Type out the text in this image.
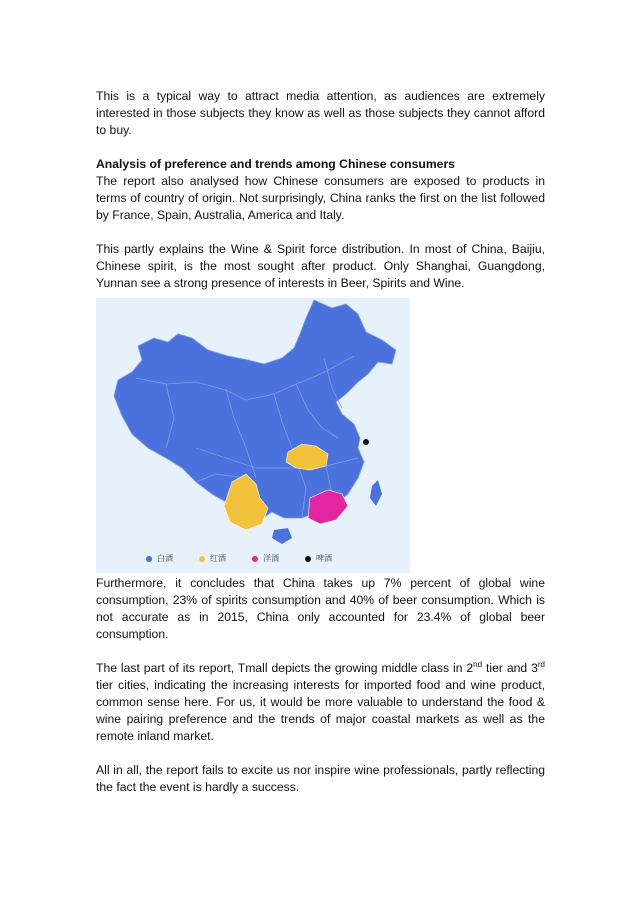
This is a typical way to attract media attention, as audiences are extremely interested in those subjects they know as well as those subjects they cannot afford to buy.

Analysis of preference and trends among Chinese consumers

The report also analysed how Chinese consumers are exposed to products in terms of country of origin. Not surprisingly, China ranks the first on the list followed by France, Spain, Australia, America and Italy.

This partly explains the Wine & Spirit force distribution. In most of China, Baijiu, Chinese spirit, is the most sought after product. Only Shanghai, Guangdong, Yunnan see a strong presence of interests in Beer, Spirits and Wine.

白酒	红酒	洋酒	啤酒

Furthermore, it concludes that China takes up 7% percent of global wine consumption, 23% of spirits consumption and 40% of beer consumption. Which is not accurate as in 2015, China only accounted for 23.4% of global beer consumption.

The last part of its report, Tmall depicts the growing middle class in 2nd tier and 3rd tier cities, indicating the increasing interests for imported food and wine product, common sense here. For us, it would be more valuable to understand the food & wine pairing preference and the trends of major coastal markets as well as the remote inland market.

All in all, the report fails to excite us nor inspire wine professionals, partly reflecting the fact the event is hardly a success.
